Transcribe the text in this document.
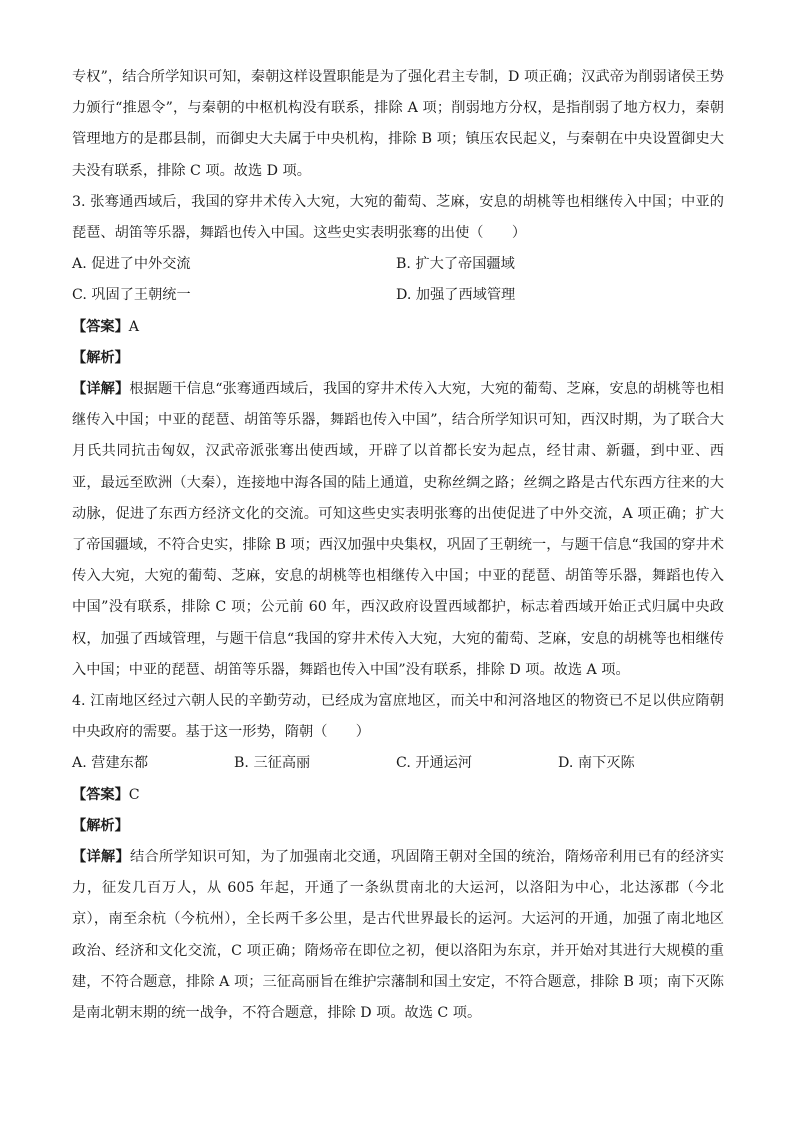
专权”，结合所学知识可知，秦朝这样设置职能是为了强化君主专制，D 项正确；汉武帝为削弱诸侯王势力颁行“推恩令”，与秦朝的中枢机构没有联系，排除 A 项；削弱地方分权，是指削弱了地方权力，秦朝管理地方的是郡县制，而御史大夫属于中央机构，排除 B 项；镇压农民起义，与秦朝在中央设置御史大夫没有联系，排除 C 项。故选 D 项。

3. 张骞通西域后，我国的穿井术传入大宛，大宛的葡萄、芝麻，安息的胡桃等也相继传入中国；中亚的琵琶、胡笛等乐器，舞蹈也传入中国。这些史实表明张骞的出使（　　）

A. 促进了中外交流	B. 扩大了帝国疆域
C. 巩固了王朝统一	D. 加强了西域管理

【答案】A

【解析】

【详解】根据题干信息“张骞通西域后，我国的穿井术传入大宛，大宛的葡萄、芝麻，安息的胡桃等也相继传入中国；中亚的琵琶、胡笛等乐器，舞蹈也传入中国”，结合所学知识可知，西汉时期，为了联合大月氏共同抗击匈奴，汉武帝派张骞出使西域，开辟了以首都长安为起点，经甘肃、新疆，到中亚、西亚，最远至欧洲（大秦），连接地中海各国的陆上通道，史称丝绸之路；丝绸之路是古代东西方往来的大动脉，促进了东西方经济文化的交流。可知这些史实表明张骞的出使促进了中外交流，A 项正确；扩大了帝国疆域，不符合史实，排除 B 项；西汉加强中央集权，巩固了王朝统一，与题干信息“我国的穿井术传入大宛，大宛的葡萄、芝麻，安息的胡桃等也相继传入中国；中亚的琵琶、胡笛等乐器，舞蹈也传入中国”没有联系，排除 C 项；公元前 60 年，西汉政府设置西域都护，标志着西域开始正式归属中央政权，加强了西域管理，与题干信息“我国的穿井术传入大宛，大宛的葡萄、芝麻，安息的胡桃等也相继传入中国；中亚的琵琶、胡笛等乐器，舞蹈也传入中国”没有联系，排除 D 项。故选 A 项。

4. 江南地区经过六朝人民的辛勤劳动，已经成为富庶地区，而关中和河洛地区的物资已不足以供应隋朝中央政府的需要。基于这一形势，隋朝（　　）

A. 营建东都	B. 三征高丽	C. 开通运河	D. 南下灭陈

【答案】C

【解析】

【详解】结合所学知识可知，为了加强南北交通，巩固隋王朝对全国的统治，隋炀帝利用已有的经济实力，征发几百万人，从 605 年起，开通了一条纵贯南北的大运河，以洛阳为中心，北达涿郡（今北京），南至余杭（今杭州），全长两千多公里，是古代世界最长的运河。大运河的开通，加强了南北地区政治、经济和文化交流，C 项正确；隋炀帝在即位之初，便以洛阳为东京，并开始对其进行大规模的重建，不符合题意，排除 A 项；三征高丽旨在维护宗藩制和国土安定，不符合题意，排除 B 项；南下灭陈是南北朝末期的统一战争，不符合题意，排除 D 项。故选 C 项。
